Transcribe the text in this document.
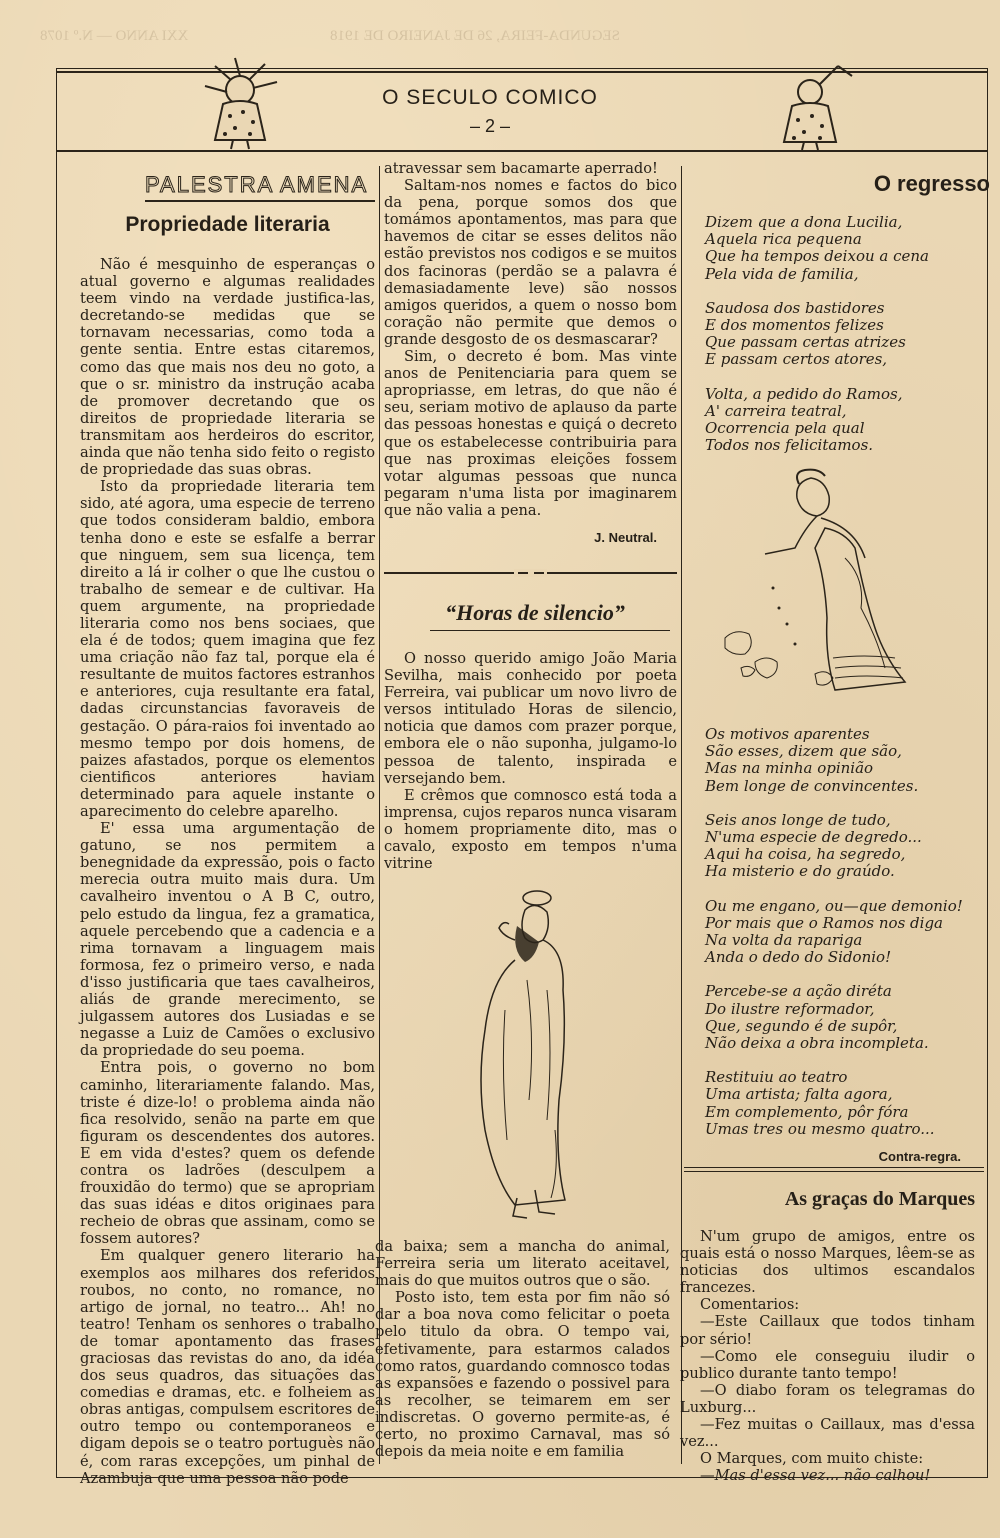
SEGUNDA-FEIRA, 26 DE JANEIRO DE 1918
XXI ANNO — N.º 1078
O SECULO COMICO
– 2 –
PALESTRA AMENA
Propriedade literaria

Não é mesquinho de esperanças o atual governo e algumas realidades teem vindo na verdade justifica-las, decretando-se medidas que se tornavam necessarias, como toda a gente sentia. Entre estas citaremos, como das que mais nos deu no goto, a que o sr. ministro da instrução acaba de promover decretando que os direitos de propriedade literaria se transmitam aos herdeiros do escritor, ainda que não tenha sido feito o registo de propriedade das suas obras.

Isto da propriedade literaria tem sido, até agora, uma especie de terreno que todos consideram baldio, embora tenha dono e este se esfalfe a berrar que ninguem, sem sua licença, tem direito a lá ir colher o que lhe custou o trabalho de semear e de cultivar. Ha quem argumente, na propriedade literaria como nos bens sociaes, que ela é de todos; quem imagina que fez uma criação não faz tal, porque ela é resultante de muitos factores estranhos e anteriores, cuja resultante era fatal, dadas circunstancias favoraveis de gestação. O pára-raios foi inventado ao mesmo tempo por dois homens, de paizes afastados, porque os elementos cientificos anteriores haviam determinado para aquele instante o aparecimento do celebre aparelho.

E' essa uma argumentação de gatuno, se nos permitem a benegnidade da expressão, pois o facto merecia outra muito mais dura. Um cavalheiro inventou o A B C, outro, pelo estudo da lingua, fez a gramatica, aquele percebendo que a cadencia e a rima tornavam a linguagem mais formosa, fez o primeiro verso, e nada d'isso justificaria que taes cavalheiros, aliás de grande merecimento, se julgassem autores dos Lusiadas e se negasse a Luiz de Camões o exclusivo da propriedade do seu poema.

Entra pois, o governo no bom caminho, literariamente falando. Mas, triste é dize-lo! o problema ainda não fica resolvido, senão na parte em que figuram os descendentes dos autores. E em vida d'estes? quem os defende contra os ladrões (desculpem a frouxidão do termo) que se apropriam das suas idéas e ditos originaes para recheio de obras que assinam, como se fossem autores?

Em qualquer genero literario ha exemplos aos milhares dos referidos roubos, no conto, no romance, no artigo de jornal, no teatro... Ah! no teatro! Tenham os senhores o trabalho de tomar apontamento das frases graciosas das revistas do ano, da idéa dos seus quadros, das situações das comedias e dramas, etc. e folheiem as obras antigas, compulsem escritores de outro tempo ou contemporaneos e digam depois se o teatro portuguès não é, com raras excepções, um pinhal de Azambuja que uma pessoa não pode

atravessar sem bacamarte aperrado!

Saltam-nos nomes e factos do bico da pena, porque somos dos que tomámos apontamentos, mas para que havemos de citar se esses delitos não estão previstos nos codigos e se muitos dos facinoras (perdão se a palavra é demasiadamente leve) são nossos amigos queridos, a quem o nosso bom coração não permite que demos o grande desgosto de os desmascarar?

Sim, o decreto é bom. Mas vinte anos de Penitenciaria para quem se apropriasse, em letras, do que não é seu, seriam motivo de aplauso da parte das pessoas honestas e quiçá o decreto que os estabelecesse contribuiria para que nas proximas eleições fossem votar algumas pessoas que nunca pegaram n'uma lista por imaginarem que não valia a pena.

J. Neutral.
“Horas de silencio”

O nosso querido amigo João Maria Sevilha, mais conhecido por poeta Ferreira, vai publicar um novo livro de versos intitulado Horas de silencio, noticia que damos com prazer porque, embora ele o não suponha, julgamo-lo pessoa de talento, inspirada e versejando bem.

E crêmos que comnosco está toda a imprensa, cujos reparos nunca visaram o homem propriamente dito, mas o cavalo, exposto em tempos n'uma vitrine

da baixa; sem a mancha do animal, Ferreira seria um literato aceitavel, mais do que muitos outros que o são.

Posto isto, tem esta por fim não só dar a boa nova como felicitar o poeta pelo titulo da obra. O tempo vai, efetivamente, para estarmos calados como ratos, guardando comnosco todas as expansões e fazendo o possivel para as recolher, se teimarem em ser indiscretas. O governo permite-as, é certo, no proximo Carnaval, mas só depois da meia noite e em familia

O regresso
Dizem que a dona Lucilia,
Aquela rica pequena
Que ha tempos deixou a cena
Pela vida de familia,
Saudosa dos bastidores
E dos momentos felizes
Que passam certas atrizes
E passam certos atores,
Volta, a pedido do Ramos,
A' carreira teatral,
Ocorrencia pela qual
Todos nos felicitamos.
Os motivos aparentes
São esses, dizem que são,
Mas na minha opinião
Bem longe de convincentes.
Seis anos longe de tudo,
N'uma especie de degredo...
Aqui ha coisa, ha segredo,
Ha misterio e do graúdo.
Ou me engano, ou—que demonio!
Por mais que o Ramos nos diga
Na volta da rapariga
Anda o dedo do Sidonio!
Percebe-se a ação diréta
Do ilustre reformador,
Que, segundo é de supôr,
Não deixa a obra incompleta.
Restituiu ao teatro
Uma artista; falta agora,
Em complemento, pôr fóra
Umas tres ou mesmo quatro...
Contra-regra.
As graças do Marques

N'um grupo de amigos, entre os quais está o nosso Marques, lêem-se as noticias dos ultimos escandalos francezes.

Comentarios:

—Este Caillaux que todos tinham por sério!

—Como ele conseguiu iludir o publico durante tanto tempo!

—O diabo foram os telegramas do Luxburg...

—Fez muitas o Caillaux, mas d'essa vez...

O Marques, com muito chiste:

—Mas d'essa vez... não calhou!
